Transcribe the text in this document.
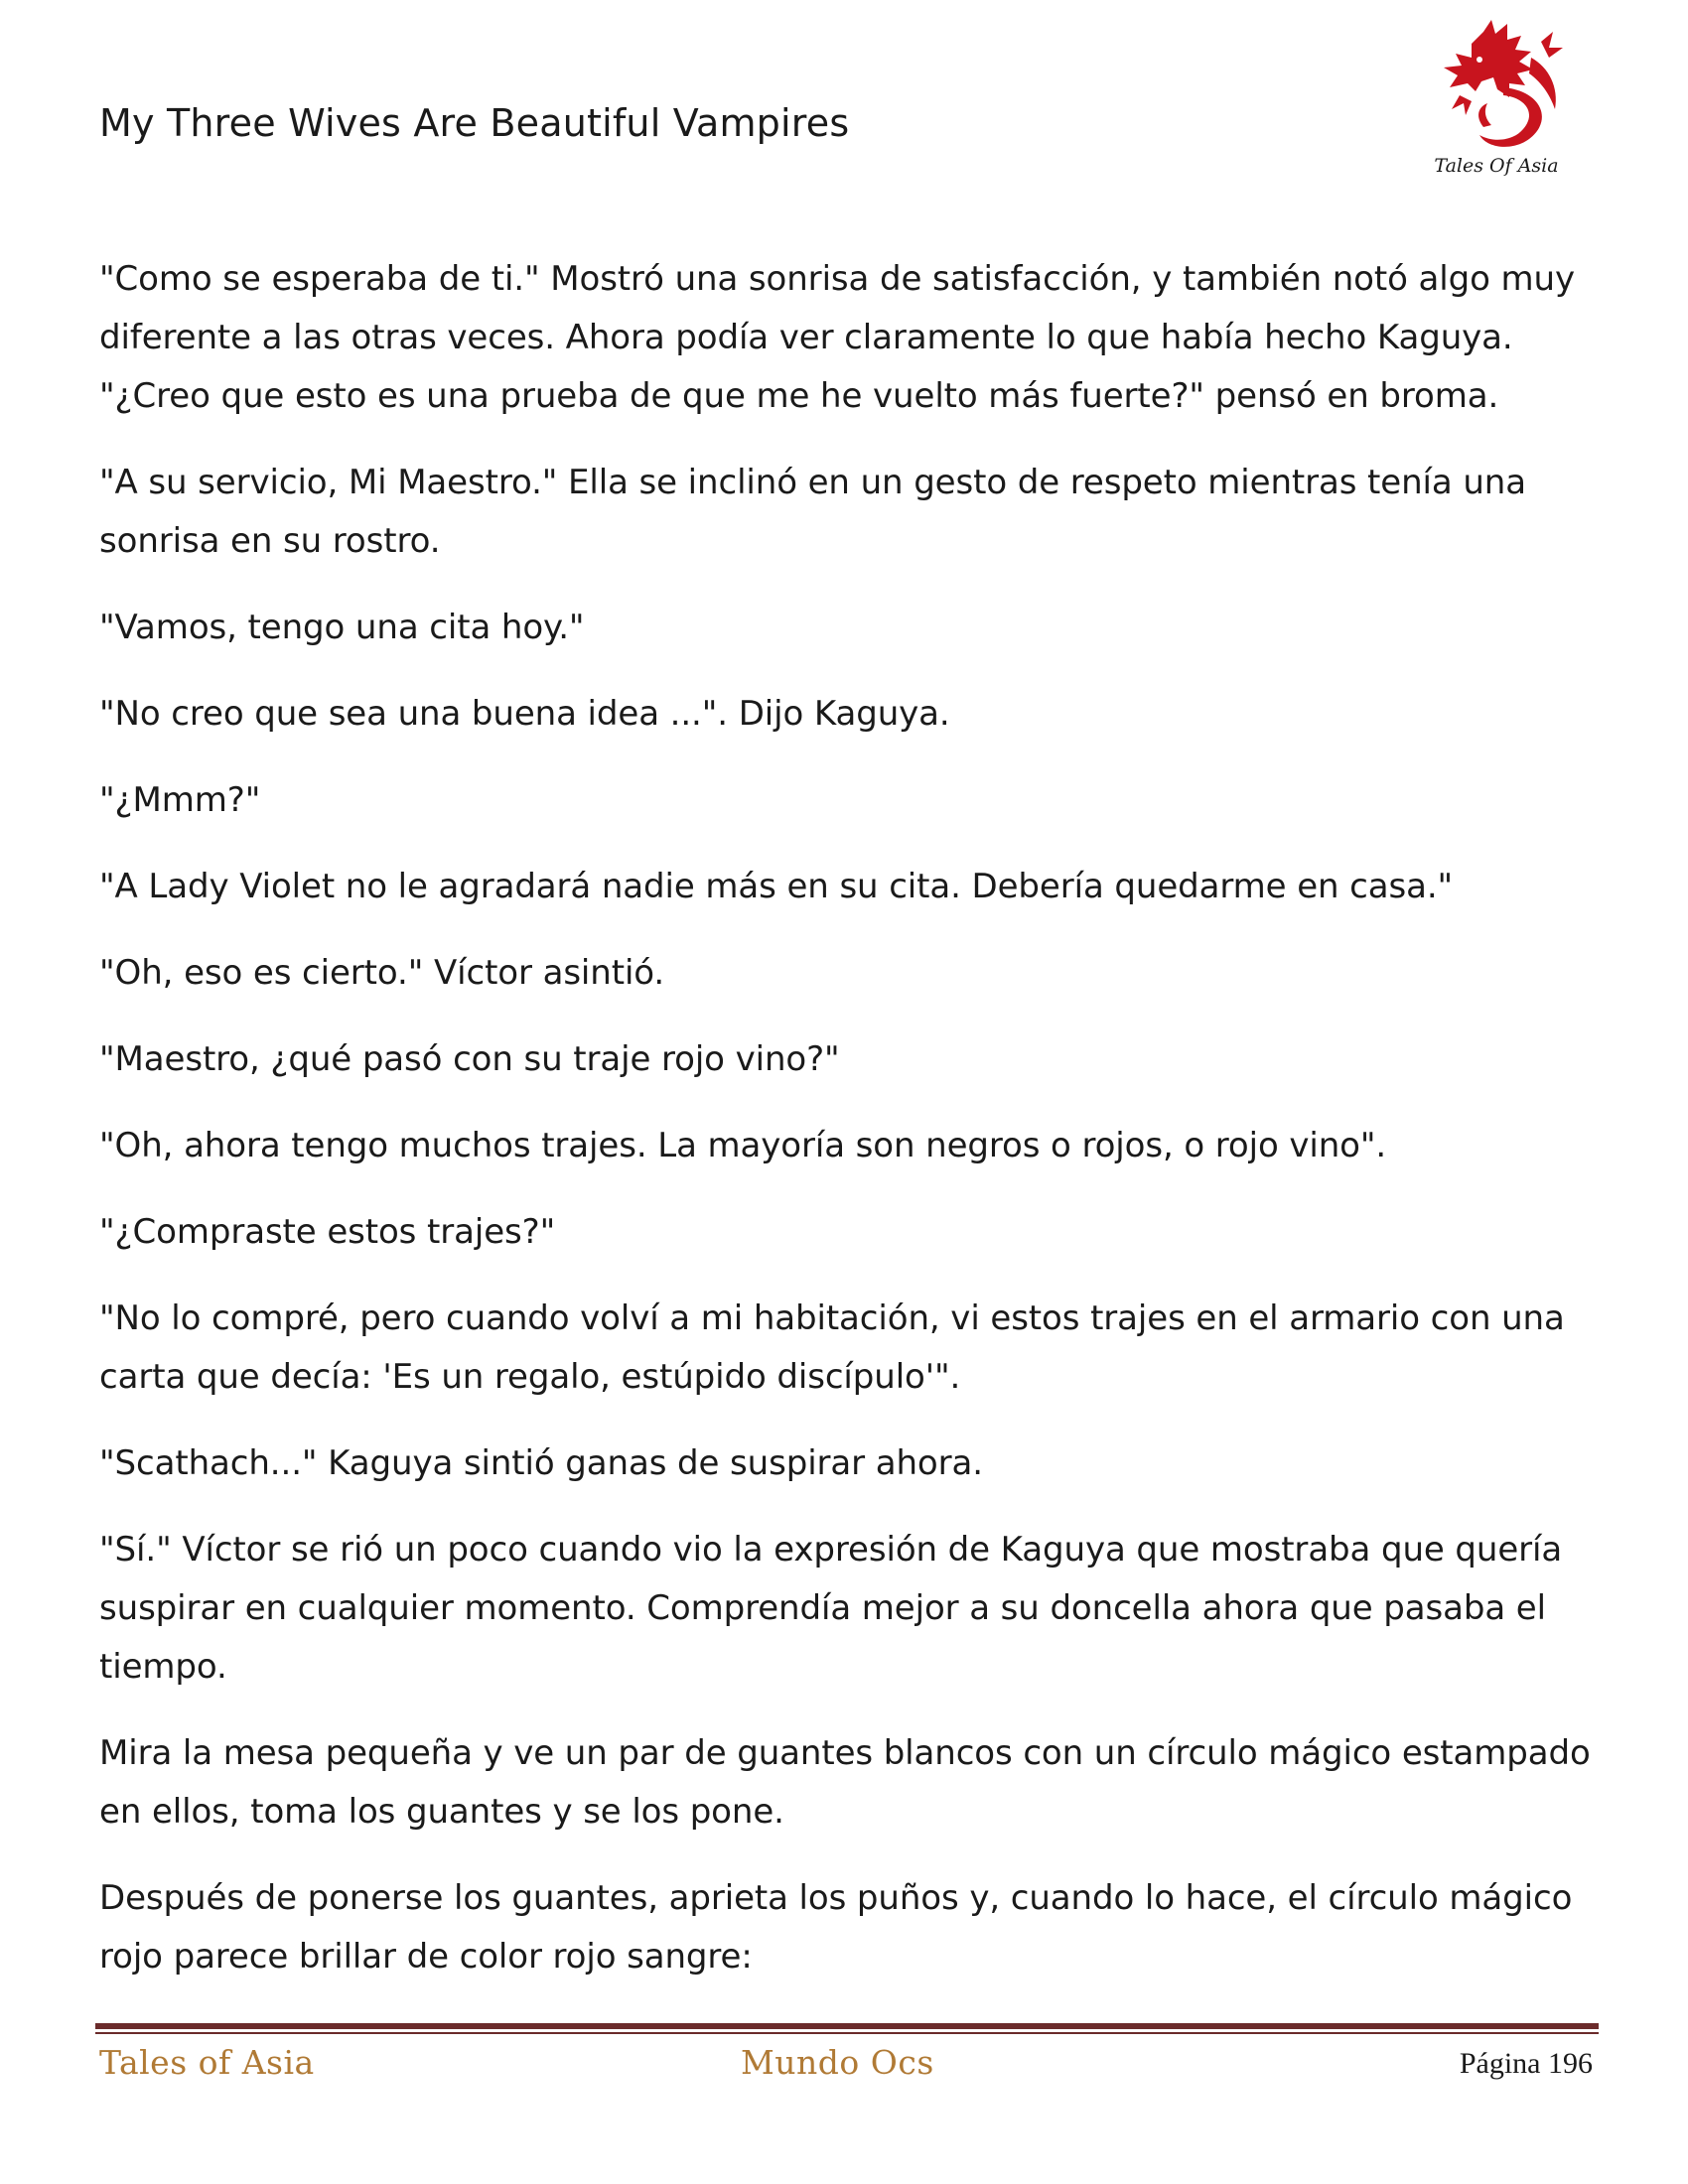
My Three Wives Are Beautiful Vampires
Tales Of Asia

"Como se esperaba de ti." Mostró una sonrisa de satisfacción, y también notó algo muy diferente a las otras veces. Ahora podía ver claramente lo que había hecho Kaguya. "¿Creo que esto es una prueba de que me he vuelto más fuerte?" pensó en broma.

"A su servicio, Mi Maestro." Ella se inclinó en un gesto de respeto mientras tenía una sonrisa en su rostro.

"Vamos, tengo una cita hoy."

"No creo que sea una buena idea ...". Dijo Kaguya.

"¿Mmm?"

"A Lady Violet no le agradará nadie más en su cita. Debería quedarme en casa."

"Oh, eso es cierto." Víctor asintió.

"Maestro, ¿qué pasó con su traje rojo vino?"

"Oh, ahora tengo muchos trajes. La mayoría son negros o rojos, o rojo vino".

"¿Compraste estos trajes?"

"No lo compré, pero cuando volví a mi habitación, vi estos trajes en el armario con una carta que decía: 'Es un regalo, estúpido discípulo'".

"Scathach..." Kaguya sintió ganas de suspirar ahora.

"Sí." Víctor se rió un poco cuando vio la expresión de Kaguya que mostraba que quería suspirar en cualquier momento. Comprendía mejor a su doncella ahora que pasaba el tiempo.

Mira la mesa pequeña y ve un par de guantes blancos con un círculo mágico estampado en ellos, toma los guantes y se los pone.

Después de ponerse los guantes, aprieta los puños y, cuando lo hace, el círculo mágico rojo parece brillar de color rojo sangre:

Tales of Asia	Mundo Ocs	Página 196
